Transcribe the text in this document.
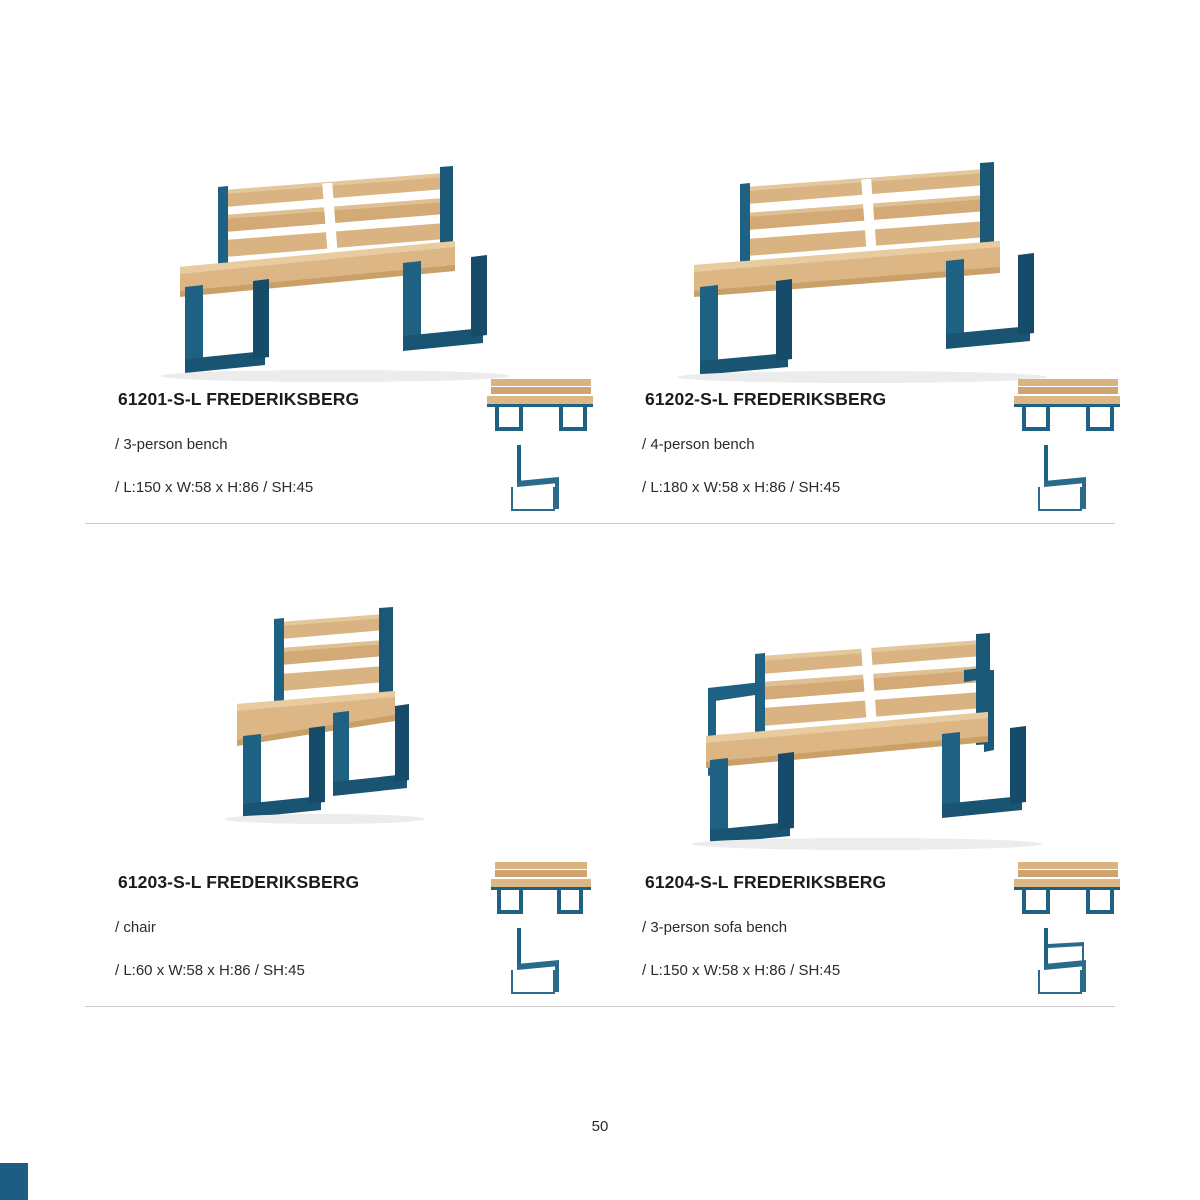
61201-S-L FREDERIKSBERG
/ 3-person bench
/ L:150 x W:58 x H:86 / SH:45
61202-S-L FREDERIKSBERG
/ 4-person bench
/ L:180 x W:58 x H:86 / SH:45
61203-S-L FREDERIKSBERG
/ chair
/ L:60 x W:58 x H:86 / SH:45
61204-S-L FREDERIKSBERG
/ 3-person sofa bench
/ L:150 x W:58 x H:86 / SH:45
50
